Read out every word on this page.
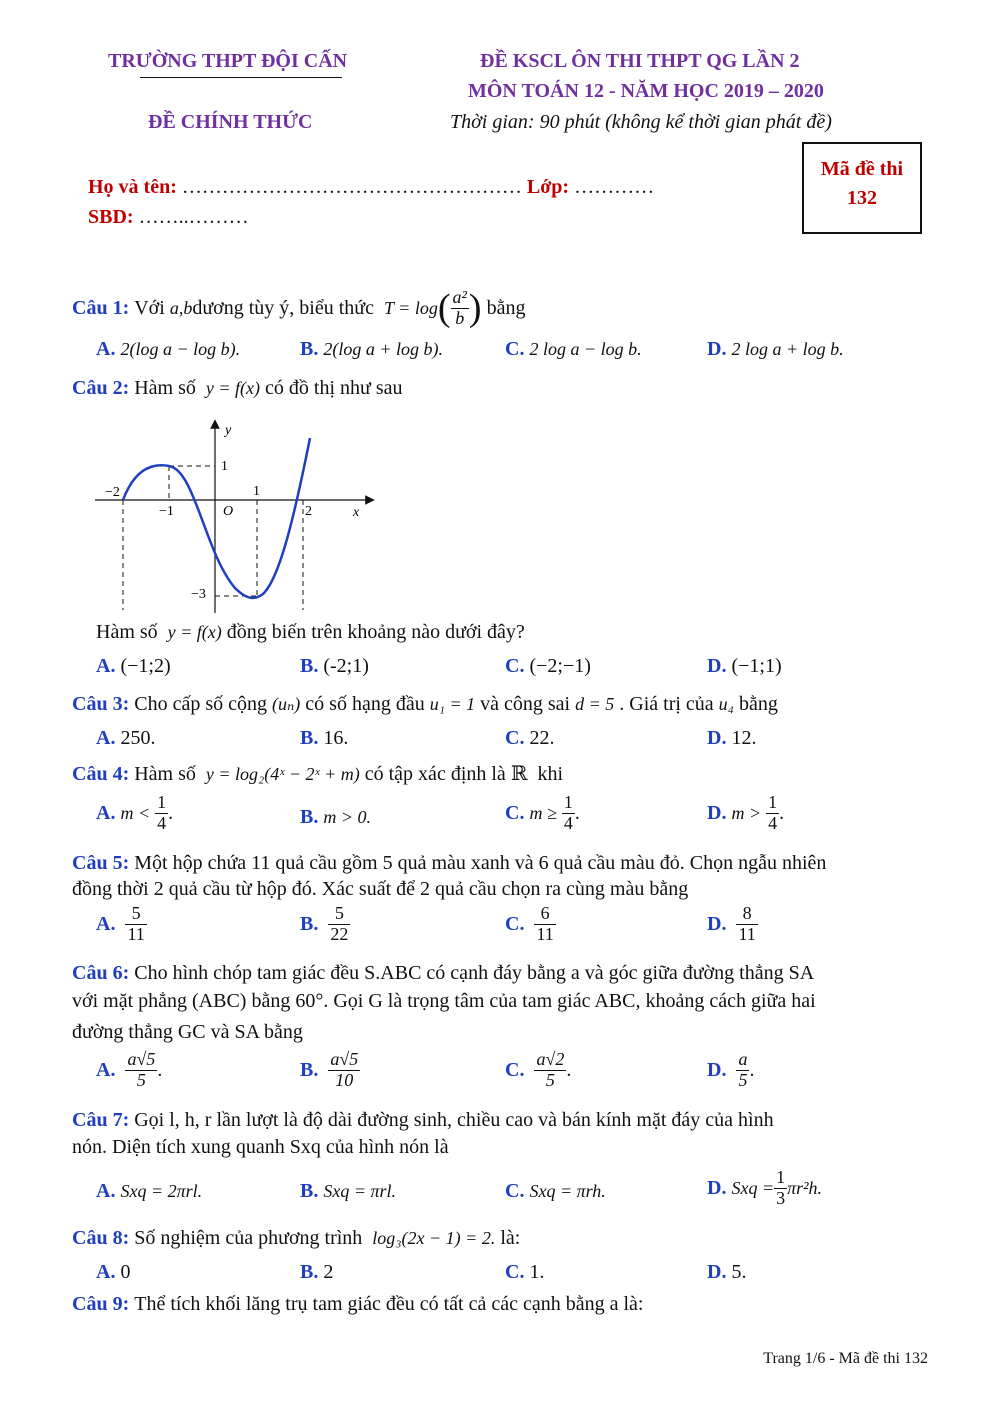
TRƯỜNG THPT ĐỘI CẤN
ĐỀ CHÍNH THỨC
ĐỀ KSCL ÔN THI THPT QG LẦN 2
MÔN TOÁN 12 - NĂM HỌC 2019 – 2020
Thời gian: 90 phút (không kể thời gian phát đề)
Mã đề thi
132
Họ và tên: …………………………………………… Lớp: …………
SBD: ……..………
Câu 1:
Với
a,b dương tùy ý, biểu thức
T = log ( $\frac{\text{a²}}{b}$ )
bằng
A. 2(log a − log b).	B. 2(log a + log b).	C. 2 log a − log b.	D. 2 log a + log b.
Câu 2: Hàm số y = f(x) có đồ thị như sau
y
x
O
−2
−1
1
2
1
−3
Hàm số y = f(x) đồng biến trên khoảng nào dưới đây?
A. (−1;2)	B. (-2;1)	C. (−2;−1)	D. (−1;1)
Câu 3: Cho cấp số cộng (uₙ) có số hạng đầu u₁ = 1 và công sai d = 5 . Giá trị của u₄ bằng
A. 250.	B. 16.	C. 22.	D. 12.
Câu 4: Hàm số y = log₂(4ˣ − 2ˣ + m) có tập xác định là ℝ khi
A.
m <
$\frac{1}{4}$ .	B. m > 0.	C.
m ≥
$\frac{1}{4}$ .	D.
m >
$\frac{1}{4}$ .
Câu 5: Một hộp chứa 11 quả cầu gồm 5 quả màu xanh và 6 quả cầu màu đỏ. Chọn ngẫu nhiên
đồng thời 2 quả cầu từ hộp đó. Xác suất để 2 quả cầu chọn ra cùng màu bằng
A.
$\frac{5}{11}$	B.
$\frac{5}{22}$	C.
$\frac{6}{11}$	D.
$\frac{8}{11}$
Câu 6: Cho hình chóp tam giác đều S.ABC có cạnh đáy bằng a và góc giữa đường thẳng SA
với mặt phẳng (ABC) bằng 60°. Gọi G là trọng tâm của tam giác ABC, khoảng cách giữa hai
đường thẳng GC và SA bằng
A.
$\frac{a√5}{5}$ .	B.
$\frac{a√5}{10}$	C.
$\frac{a√2}{5}$ .	D.
$\frac{a}{5}$ .
Câu 7: Gọi l, h, r lần lượt là độ dài đường sinh, chiều cao và bán kính mặt đáy của hình
nón. Diện tích xung quanh Sxq của hình nón là
A. Sxq = 2πrl.	B. Sxq = πrl.	C. Sxq = πrh.	D.
Sxq = $\frac{1}{3} \pi r^2h$.
Câu 8: Số nghiệm của phương trình log₃(2x − 1) = 2. là:
A. 0	B. 2	C. 1.	D. 5.
Câu 9: Thể tích khối lăng trụ tam giác đều có tất cả các cạnh bằng a là:
Trang 1/6 - Mã đề thi 132
